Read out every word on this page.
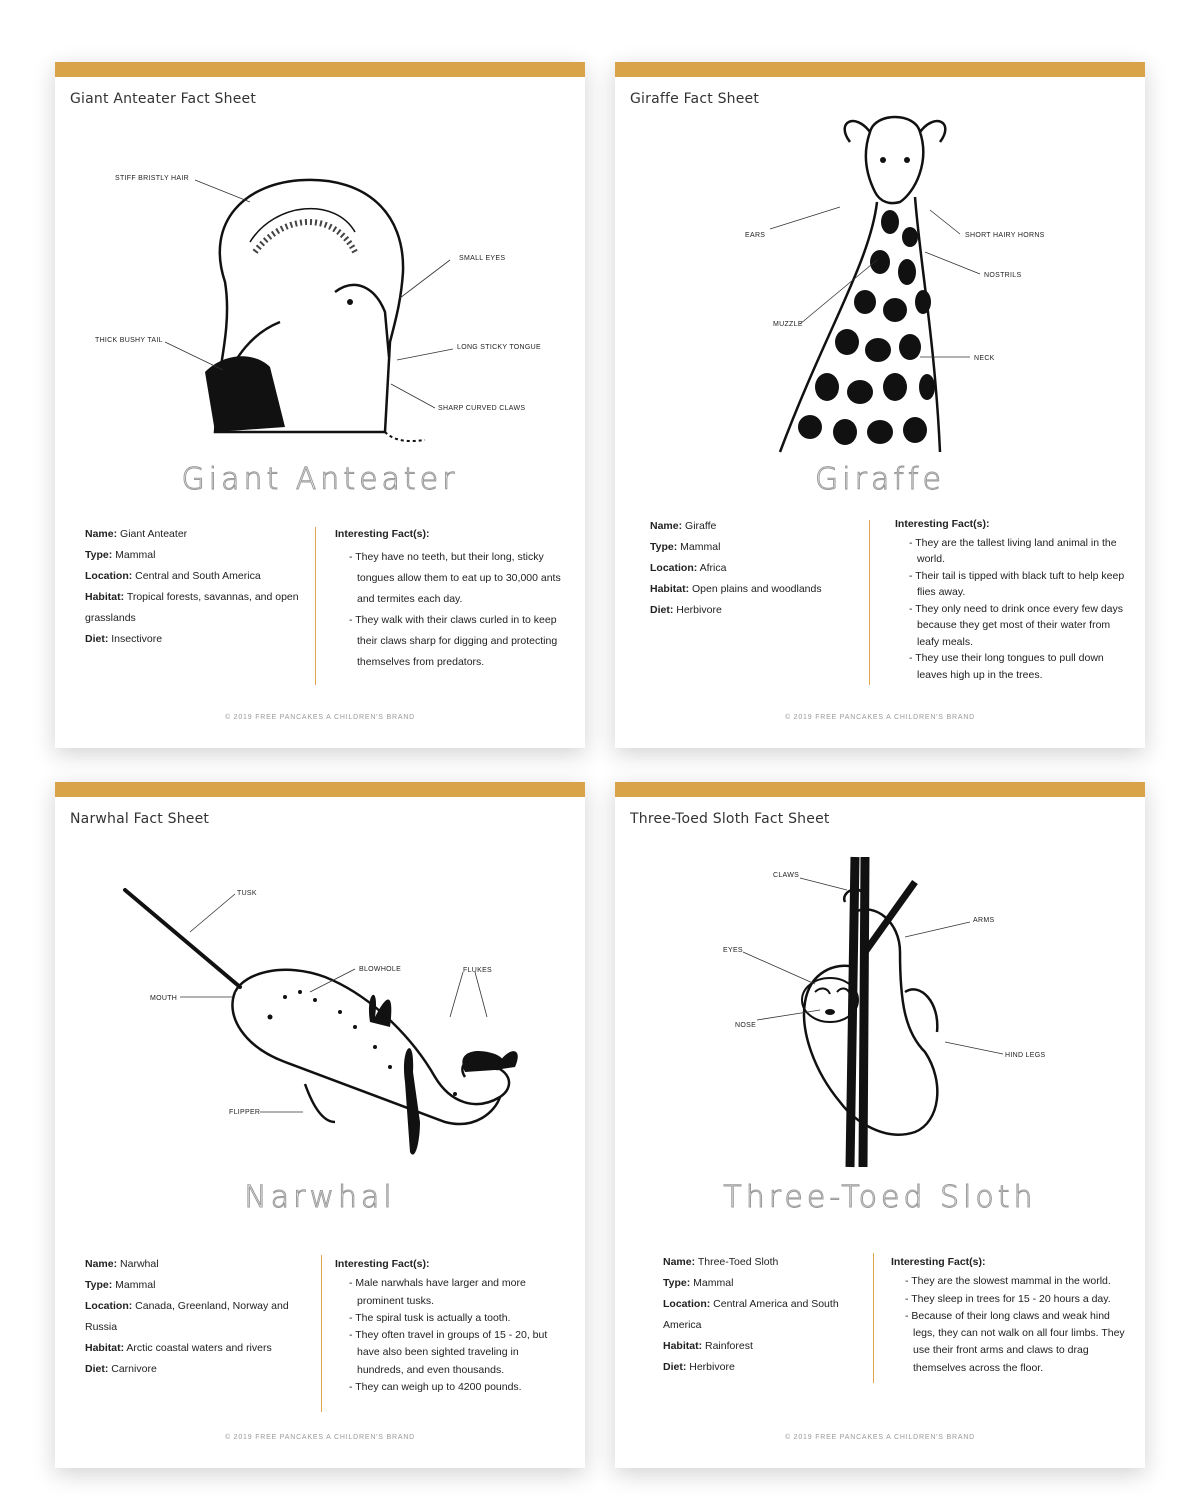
Giant Anteater Fact Sheet
STIFF BRISTLY HAIR
SMALL EYES
THICK BUSHY TAIL
LONG STICKY TONGUE
SHARP CURVED CLAWS
Giant Anteater
Name: Giant Anteater
Type: Mammal
Location: Central and South America
Habitat: Tropical forests, savannas, and open grasslands
Diet: Insectivore
Interesting Fact(s):
- They have no teeth, but their long, sticky tongues allow them to eat up to 30,000 ants and termites each day.
- They walk with their claws curled in to keep their claws sharp for digging and protecting themselves from predators.
© 2019 FREE PANCAKES A CHILDREN'S BRAND
Giraffe Fact Sheet
EARS	SHORT HAIRY HORNS
NOSTRILS
MUZZLE
NECK
Giraffe
Name: Giraffe
Type: Mammal
Location: Africa
Habitat: Open plains and woodlands
Diet: Herbivore
Interesting Fact(s):
- They are the tallest living land animal in the world.
- Their tail is tipped with black tuft to help keep flies away.
- They only need to drink once every few days because they get most of their water from leafy meals.
- They use their long tongues to pull down leaves high up in the trees.
© 2019 FREE PANCAKES A CHILDREN'S BRAND
Narwhal Fact Sheet
TUSK
BLOWHOLE	FLUKES
MOUTH
FLIPPER
Narwhal
Name: Narwhal
Type: Mammal
Location: Canada, Greenland, Norway and Russia
Habitat: Arctic coastal waters and rivers
Diet: Carnivore
Interesting Fact(s):
- Male narwhals have larger and more prominent tusks.
- The spiral tusk is actually a tooth.
- They often travel in groups of 15 - 20, but have also been sighted traveling in hundreds, and even thousands.
- They can weigh up to 4200 pounds.
© 2019 FREE PANCAKES A CHILDREN'S BRAND
Three-Toed Sloth Fact Sheet
CLAWS
ARMS
EYES
NOSE
HIND LEGS
Three-Toed Sloth
Name: Three-Toed Sloth
Type: Mammal
Location: Central America and South America
Habitat: Rainforest
Diet: Herbivore
Interesting Fact(s):
- They are the slowest mammal in the world.
- They sleep in trees for 15 - 20 hours a day.
- Because of their long claws and weak hind legs, they can not walk on all four limbs. They use their front arms and claws to drag themselves across the floor.
© 2019 FREE PANCAKES A CHILDREN'S BRAND
